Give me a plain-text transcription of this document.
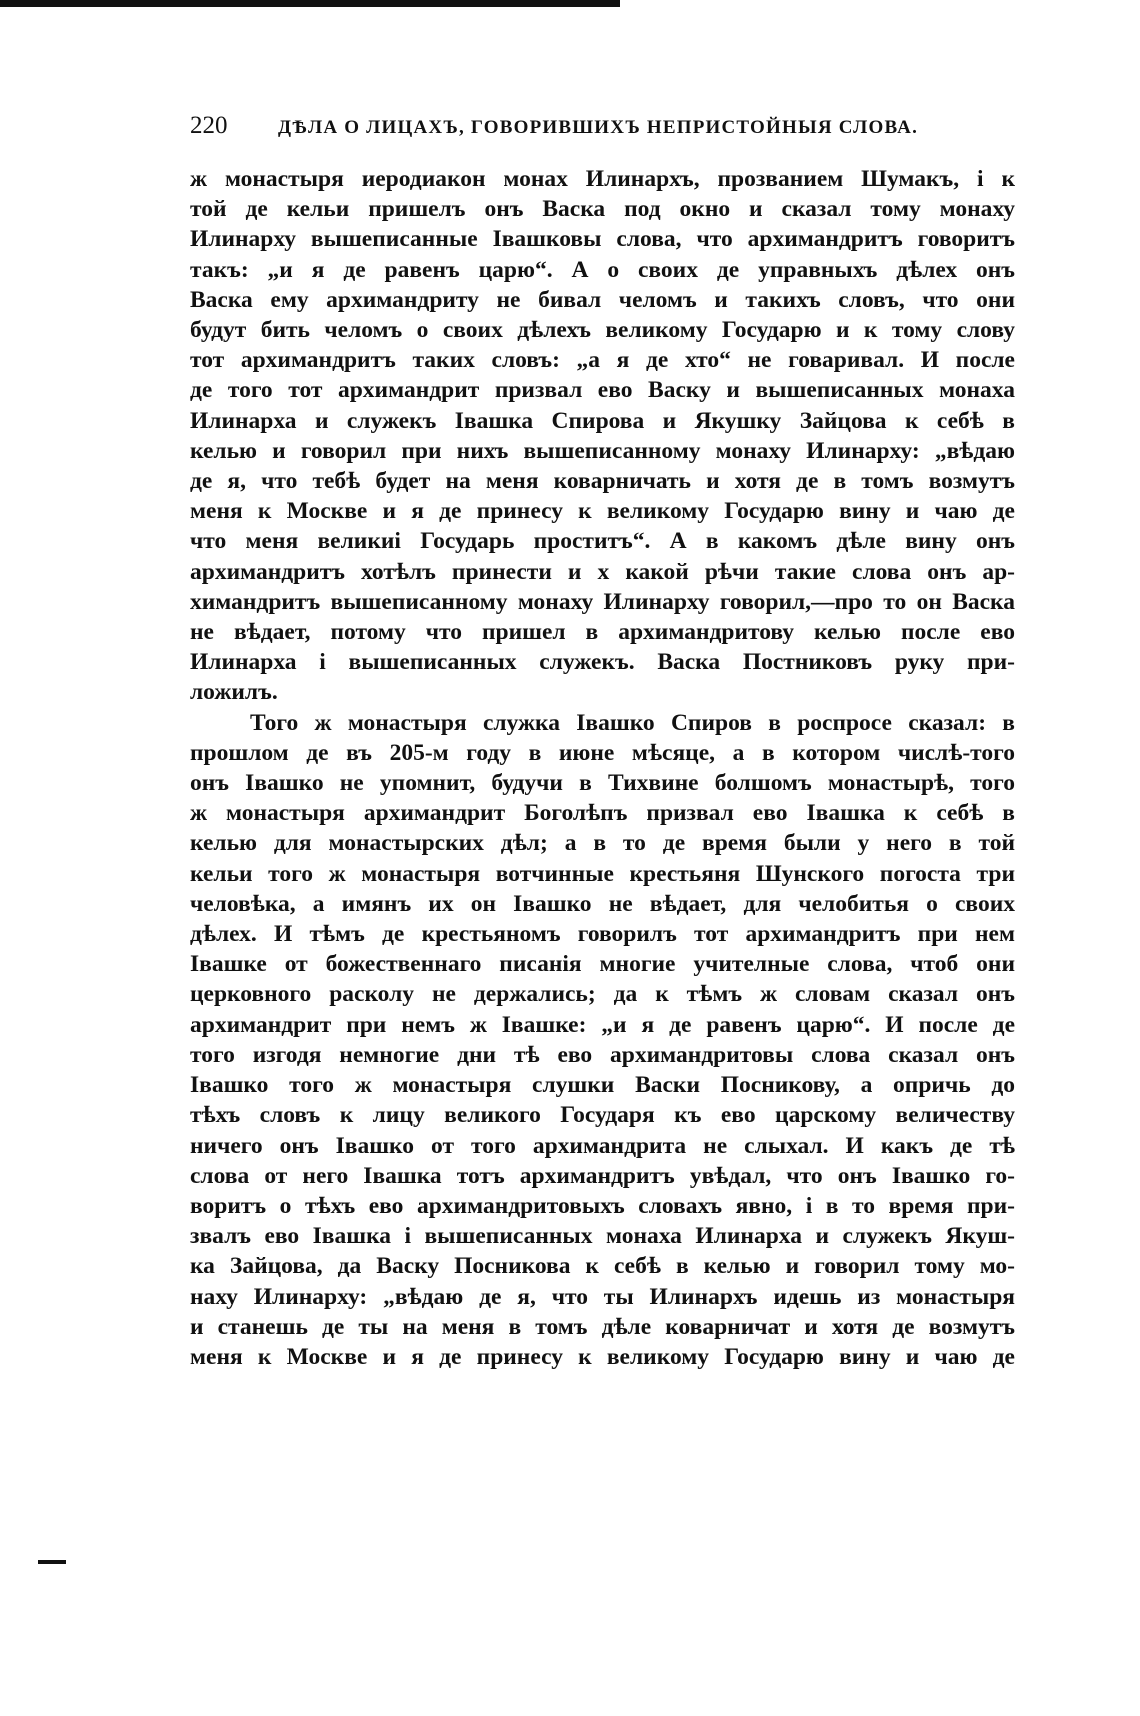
220	ДѢЛА О ЛИЦАХЪ, ГОВОРИВШИХЪ НЕПРИСТОЙНЫЯ СЛОВА.
ж монастыря иеродиакон монах Илинархъ, прозванием Шумакъ, і к
той де кельи пришелъ онъ Васка под окно и сказал тому монаху
Илинарху вышеписанные Івашковы слова, что архимандритъ говоритъ
такъ: „и я де равенъ царю“. А о своих де управныхъ дѣлех онъ
Васка ему архимандриту не бивал челомъ и такихъ словъ, что они
будут бить челомъ о своих дѣлехъ великому Государю и к тому слову
тот архимандритъ таких словъ: „а я де хто“ не говаривал. И после
де того тот архимандрит призвал ево Васку и вышеписанных монаха
Илинарха и служекъ Івашка Спирова и Якушку Зайцова к себѣ в
келью и говорил при нихъ вышеписанному монаху Илинарху: „вѣдаю
де я, что тебѣ будет на меня коварничать и хотя де в томъ возмутъ
меня к Москве и я де принесу к великому Государю вину и чаю де
что меня великиі Государь проститъ“. А в какомъ дѣле вину онъ
архимандритъ хотѣлъ принести и х какой рѣчи такие слова онъ ар-
химандритъ вышеписанному монаху Илинарху говорил,—про то он Васка
не вѣдает, потому что пришел в архимандритову келью после ево
Илинарха і вышеписанных служекъ. Васка Постниковъ руку при-
ложилъ.
Того ж монастыря служка Івашко Спиров в роспросе сказал: в
прошлом де въ 205-м году в июне мѣсяце, а в котором числѣ-того
онъ Івашко не упомнит, будучи в Тихвине болшомъ монастырѣ, того
ж монастыря архимандрит Боголѣпъ призвал ево Івашка к себѣ в
келью для монастырских дѣл; а в то де время были у него в той
кельи того ж монастыря вотчинные крестьяня Шунского погоста три
человѣка, а имянъ их он Івашко не вѣдает, для челобитья о своих
дѣлех. И тѣмъ де крестьяномъ говорилъ тот архимандритъ при нем
Івашке от божественнаго писанія многие учителные слова, чтоб они
церковного расколу не держались; да к тѣмъ ж словам сказал онъ
архимандрит при немъ ж Івашке: „и я де равенъ царю“. И после де
того изгодя немногие дни тѣ ево архимандритовы слова сказал онъ
Івашко того ж монастыря слушки Васки Посникову, а опричь до
тѣхъ словъ к лицу великого Государя къ ево царскому величеству
ничего онъ Івашко от того архимандрита не слыхал. И какъ де тѣ
слова от него Івашка тотъ архимандритъ увѣдал, что онъ Івашко го-
воритъ о тѣхъ ево архимандритовыхъ словахъ явно, і в то время при-
звалъ ево Івашка і вышеписанных монаха Илинарха и служекъ Якуш-
ка Зайцова, да Васку Посникова к себѣ в келью и говорил тому мо-
наху Илинарху: „вѣдаю де я, что ты Илинархъ идешь из монастыря
и станешь де ты на меня в томъ дѣле коварничат и хотя де возмутъ
меня к Москве и я де принесу к великому Государю вину и чаю де
